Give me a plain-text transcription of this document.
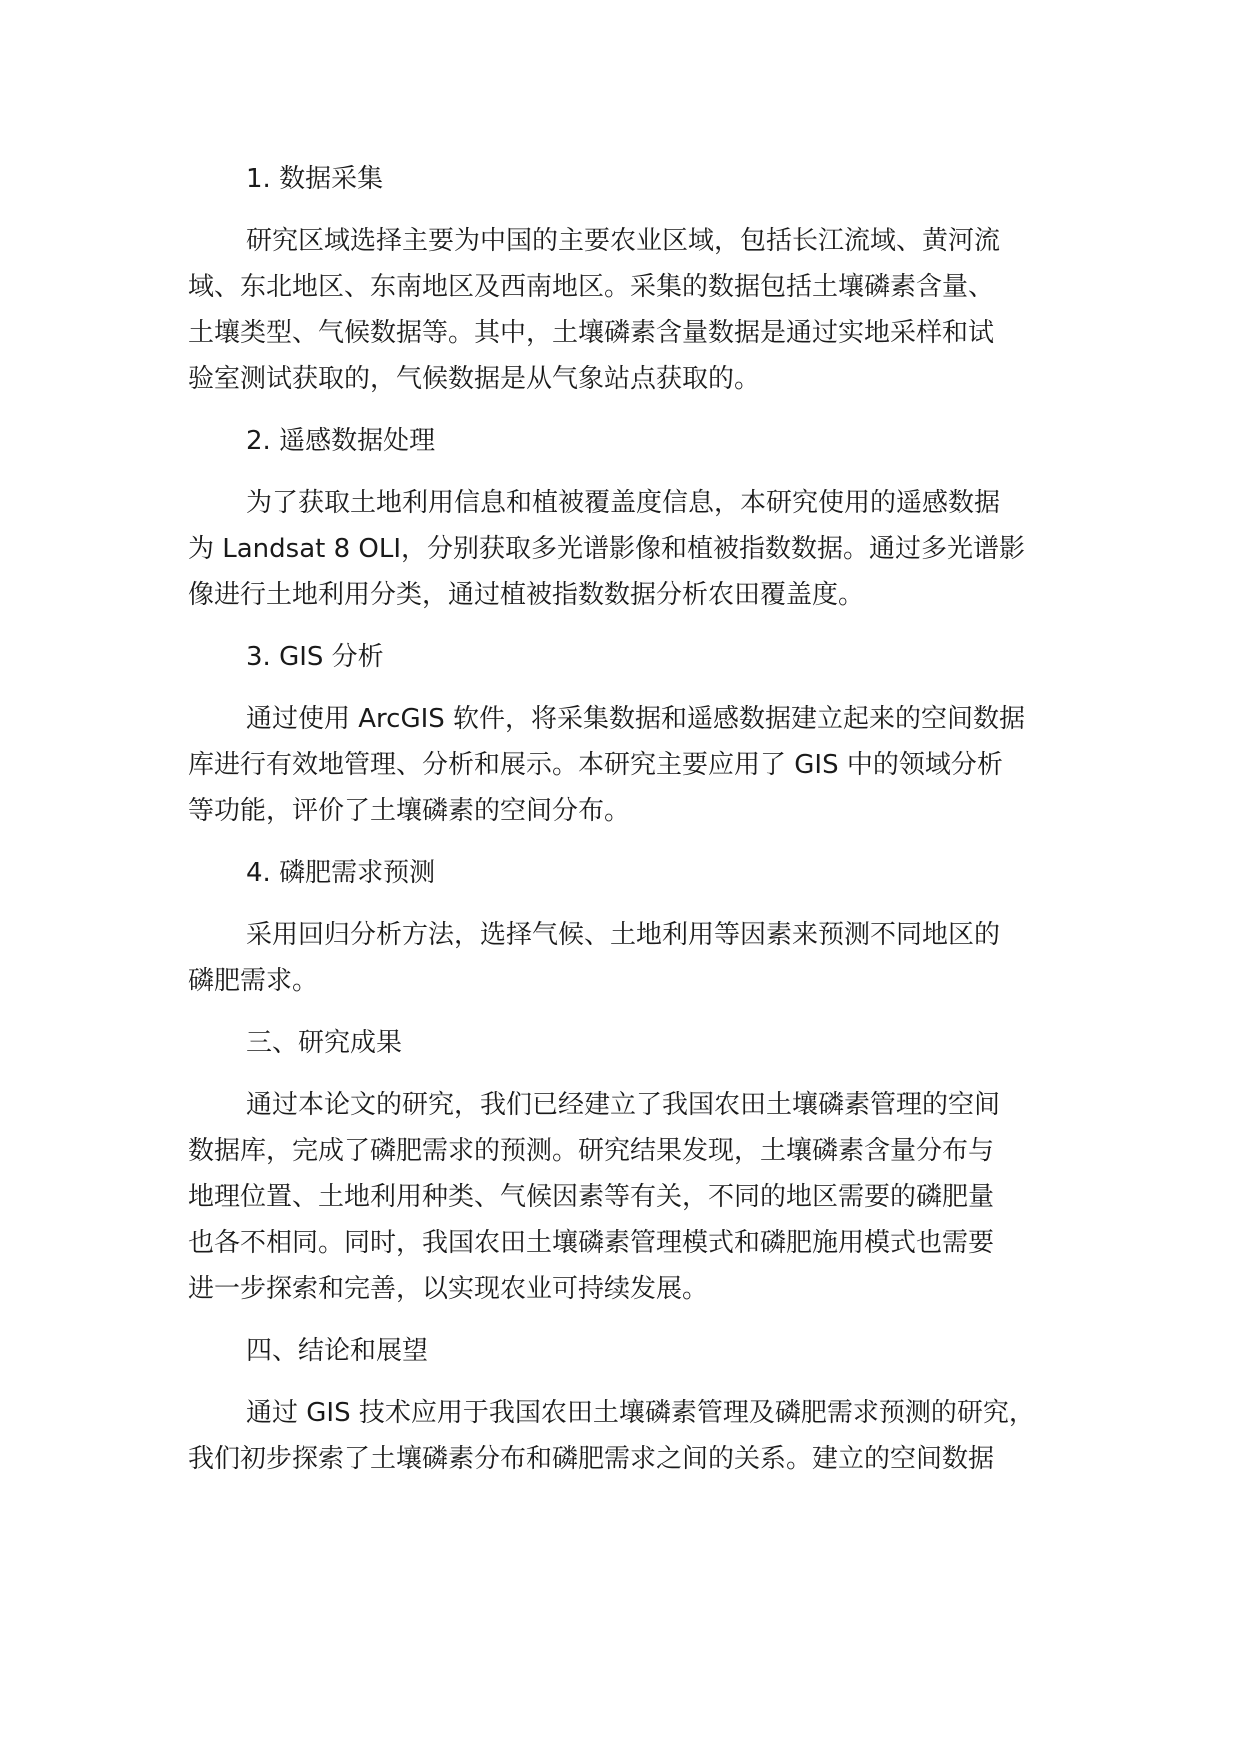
1. 数据采集
研究区域选择主要为中国的主要农业区域，包括长江流域、黄河流
域、东北地区、东南地区及西南地区。采集的数据包括土壤磷素含量、
土壤类型、气候数据等。其中，土壤磷素含量数据是通过实地采样和试
验室测试获取的，气候数据是从气象站点获取的。
2. 遥感数据处理
为了获取土地利用信息和植被覆盖度信息，本研究使用的遥感数据
为 Landsat 8 OLI，分别获取多光谱影像和植被指数数据。通过多光谱影
像进行土地利用分类，通过植被指数数据分析农田覆盖度。
3. GIS 分析
通过使用 ArcGIS 软件，将采集数据和遥感数据建立起来的空间数据
库进行有效地管理、分析和展示。本研究主要应用了 GIS 中的领域分析
等功能，评价了土壤磷素的空间分布。
4. 磷肥需求预测
采用回归分析方法，选择气候、土地利用等因素来预测不同地区的
磷肥需求。
三、研究成果
通过本论文的研究，我们已经建立了我国农田土壤磷素管理的空间
数据库，完成了磷肥需求的预测。研究结果发现，土壤磷素含量分布与
地理位置、土地利用种类、气候因素等有关，不同的地区需要的磷肥量
也各不相同。同时，我国农田土壤磷素管理模式和磷肥施用模式也需要
进一步探索和完善，以实现农业可持续发展。
四、结论和展望
通过 GIS 技术应用于我国农田土壤磷素管理及磷肥需求预测的研究，
我们初步探索了土壤磷素分布和磷肥需求之间的关系。建立的空间数据
